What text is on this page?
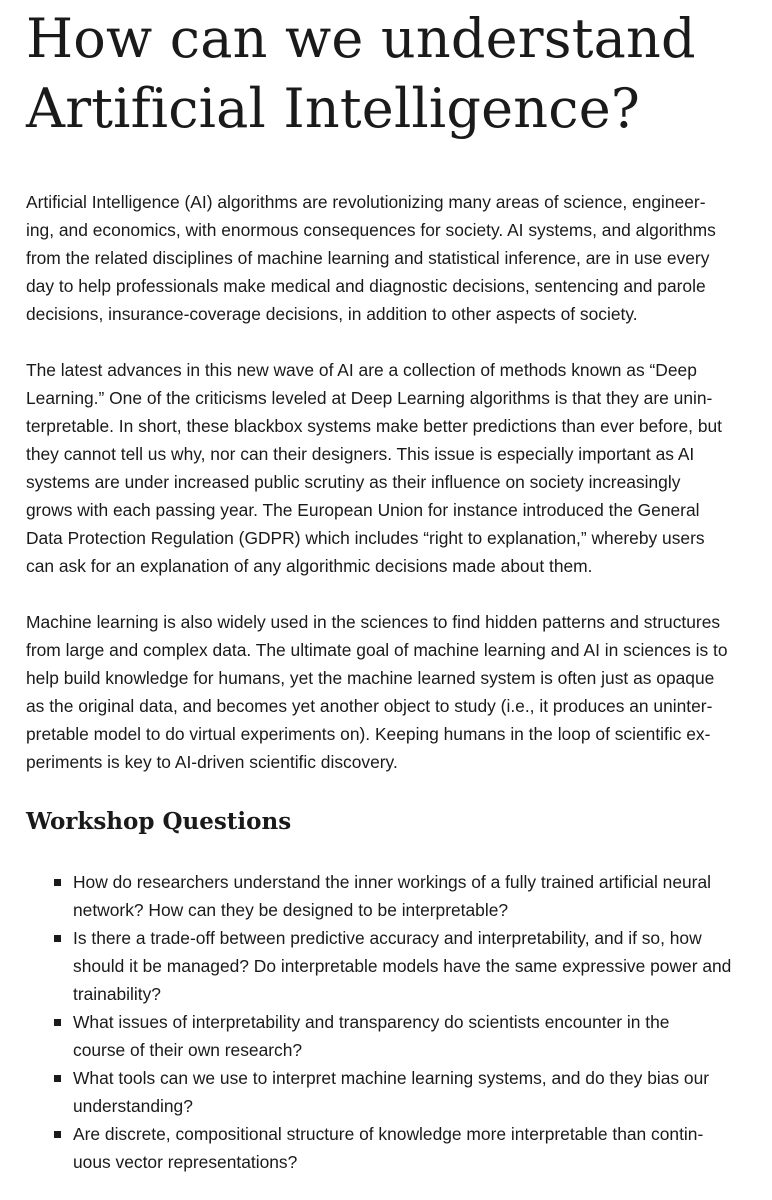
How can we understand
Artificial Intelligence?

Artificial Intelligence (AI) algorithms are revolutionizing many areas of science, engineer-
ing, and economics, with enormous consequences for society. AI systems, and algorithms
from the related disciplines of machine learning and statistical inference, are in use every
day to help professionals make medical and diagnostic decisions, sentencing and parole
decisions, insurance-coverage decisions, in addition to other aspects of society.

The latest advances in this new wave of AI are a collection of methods known as “Deep
Learning.” One of the criticisms leveled at Deep Learning algorithms is that they are unin-
terpretable. In short, these blackbox systems make better predictions than ever before, but
they cannot tell us why, nor can their designers. This issue is especially important as AI
systems are under increased public scrutiny as their influence on society increasingly
grows with each passing year. The European Union for instance introduced the General
Data Protection Regulation (GDPR) which includes “right to explanation,” whereby users
can ask for an explanation of any algorithmic decisions made about them.

Machine learning is also widely used in the sciences to find hidden patterns and structures
from large and complex data. The ultimate goal of machine learning and AI in sciences is to
help build knowledge for humans, yet the machine learned system is often just as opaque
as the original data, and becomes yet another object to study (i.e., it produces an uninter-
pretable model to do virtual experiments on). Keeping humans in the loop of scientific ex-
periments is key to AI-driven scientific discovery.

Workshop Questions
How do researchers understand the inner workings of a fully trained artificial neural
network? How can they be designed to be interpretable?
Is there a trade-off between predictive accuracy and interpretability, and if so, how
should it be managed? Do interpretable models have the same expressive power and
trainability?
What issues of interpretability and transparency do scientists encounter in the
course of their own research?
What tools can we use to interpret machine learning systems, and do they bias our
understanding?
Are discrete, compositional structure of knowledge more interpretable than contin-
uous vector representations?
